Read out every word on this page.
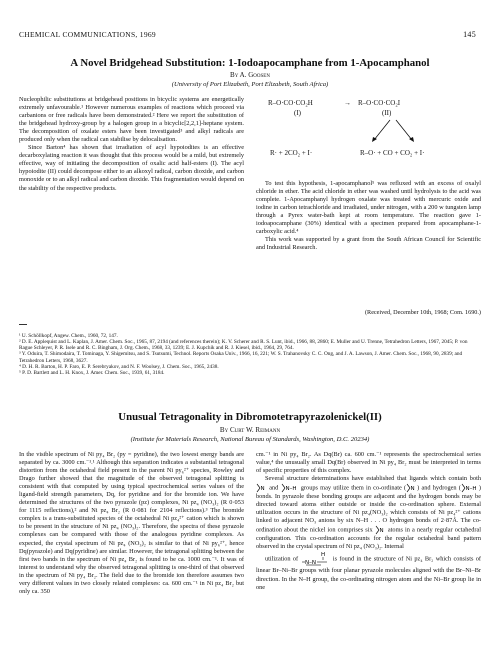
CHEMICAL COMMUNICATIONS, 1969	145
A Novel Bridgehead Substitution: 1-Iodoapocamphane from 1-Apocamphanol
By A. Goosen
(University of Port Elizabeth, Port Elizabeth, South Africa)

Nucleophilic substitutions at bridgehead positions in bicyclic systems are energetically extremely unfavourable.¹ However numerous examples of reactions which proceed via carbanions or free radicals have been demonstrated.² Here we report the substitution of the bridgehead hydroxy-group by a halogen group in a bicyclic[2,2,1]-heptane system. The decomposition of oxalate esters have been investigated³ and alkyl radicals are produced only when the radical can stabilise by delocalisation.

Since Barton⁴ has shown that irradiation of acyl hypoiodites is an effective decarboxylating reaction it was thought that this process would be a mild, but extremely effective, way of initiating the decomposition of oxalic acid half-esters (I). The acyl hypoiodite (II) could decompose either to an alkoxyl radical, carbon dioxide, and carbon monoxide or to an alkyl radical and carbon dioxide. This fragmentation would depend on the stability of the respective products.

R–O·CO·CO₂H	→ R–O·CO·CO₂I
(I)	(II)
R· + 2CO₂ + I·	R–O· + CO + CO₂ + I·

To test this hypothesis, 1-apocamphanol⁵ was refluxed with an excess of oxalyl chloride in ether. The acid chloride in ether was washed until hydrolysis to the acid was complete. 1-Apocamphanyl hydrogen oxalate was treated with mercuric oxide and iodine in carbon tetrachloride and irradiated, under nitrogen, with a 200 w tungsten lamp through a Pyrex water-bath kept at room temperature. The reaction gave 1-iodoapocamphane (30%) identical with a specimen prepared from apocamphane-1-carboxylic acid.⁴

This work was supported by a grant from the South African Council for Scientific and Industrial Research.

(Received, December 10th, 1968; Com. 1690.)
¹ U. Schöllkopf, Angew. Chem., 1960, 72, 147.
² D. E. Applequist and L. Kaplan, J. Amer. Chem. Soc., 1965, 87, 2194 (and references therein); K. V. Scherer and R. S. Lunt, ibid., 1966, 88, 2860; E. Muller and U. Trenne, Tetrahedron Letters, 1967, 2045; P. von Rague Schleyer, P. R. Isele and R. C. Bingham, J. Org. Chem., 1968, 33, 1239; E. J. Kupchik and R. J. Kiesel, ibid., 1964, 29, 764.
³ Y. Oduira, T. Shimodaira, T. Tominaga, Y. Shigemitsu, and S. Tsutsumi, Technol. Reports Osaka Univ., 1966, 16, 221; W. S. Trahanovsky C. C. Ong, and J. A. Lawson, J. Amer. Chem. Soc., 1968, 90, 2839; and Tetrahedron Letters, 1968, 3627.
⁴ D. H. R. Barton, H. P. Faro, E. P. Serebryakov, and N. F. Woolsey, J. Chem. Soc., 1965, 2438.
⁵ P. D. Bartlett and L. H. Knox, J. Amer. Chem. Soc., 1939, 61, 3184.
Unusual Tetragonality in Dibromotetrapyrazolenickel(II)
By Curt W. Reimann
(Institute for Materials Research, National Bureau of Standards, Washington, D.C. 20234)

In the visible spectrum of Ni py₄ Br₂ (py = pyridine), the two lowest energy bands are separated by ca. 3000 cm.⁻¹.¹ Although this separation indicates a substantial tetragonal distortion from the octahedral field present in the parent Ni py₆²⁺ species, Rowley and Drago further showed that the magnitude of the observed tetragonal splitting is consistent with that computed by using typical spectrochemical series values of the ligand-field strength parameters, Dq, for pyridine and for the bromide ion. We have determined the structures of the two pyrazole (pz) complexes, Ni pz₄ (NO₃)₂ (R 0·053 for 1115 reflections),² and Ni pz₄ Br₂ (R 0·081 for 2104 reflections).³ The bromide complex is a trans-substituted species of the octahedral Ni pz₄²⁺ cation which is shown to be present in the structure of Ni pz₄ (NO₃)₂. Therefore, the spectra of these pyrazole complexes can be compared with those of the analogous pyridine complexes. As expected, the crystal spectrum of Ni pz₄ (NO₃)₂ is similar to that of Ni py₆²⁺, hence Dq(pyrazole) and Dq(pyridine) are similar. However, the tetragonal splitting between the first two bands in the spectrum of Ni pz₄ Br₂ is found to be ca. 1000 cm.⁻¹. It was of interest to understand why the observed tetragonal splitting is one-third of that observed in the spectrum of Ni py₄ Br₂. The field due to the bromide ion therefore assumes two very different values in two closely related complexes: ca. 600 cm.⁻¹ in Ni pz₄ Br₂ but only ca. 350

cm.⁻¹ in Ni py₄ Br₂. As Dq(Br) ca. 600 cm.⁻¹ represents the spectrochemical series value,⁴ the unusually small Dq(Br) observed in Ni py₄ Br₂ must be interpreted in terms of specific properties of this complex.

Several structure determinations have established that ligands which contain both
N and N–H groups may utilize them in co-ordinate ( N ) and hydrogen ( N–H ) bonds. In pyrazole these bonding groups are adjacent and the hydrogen bonds may be directed toward atoms either outside or inside the co-ordination sphere. External utilization occurs in the structure of Ni pz₄(NO₃)₂ which consists of Ni pz₄²⁺ cations linked to adjacent NO₃ anions by six N–H . . . O hydrogen bonds of 2·87Å. The co-ordination about the nickel ion comprises six N atoms in a nearly regular octahedral configuration. This co-ordination accounts for the regular octahedral band pattern observed in the crystal spectrum of Ni pz₄ (NO₃)₂. Internal

utilization of
H
N–N
is found in the structure of Ni pz₄ Br₂ which consists of linear Br–Ni–Br groups with four planar pyrazole molecules aligned with the Br–Ni–Br direction. In the N–H group, the co-ordinating nitrogen atom and the Ni–Br group lie in one
